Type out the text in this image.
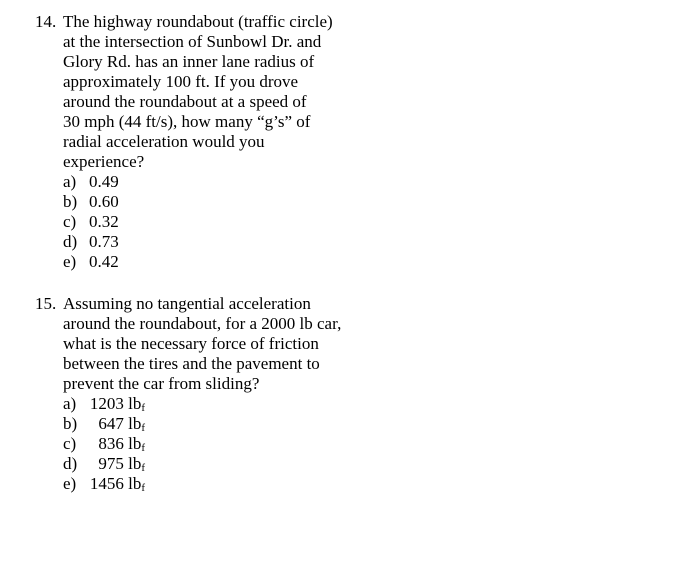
14. The highway roundabout (traffic circle)
at the intersection of Sunbowl Dr. and
Glory Rd. has an inner lane radius of
approximately 100 ft. If you drove
around the roundabout at a speed of
30 mph (44 ft/s), how many “g’s” of
radial acceleration would you
experience?
a) 0.49
b) 0.60
c) 0.32
d) 0.73
e) 0.42
15. Assuming no tangential acceleration
around the roundabout, for a 2000 lb car,
what is the necessary force of friction
between the tires and the pavement to
prevent the car from sliding?
a) 1203 lbf
b) 647 lbf
c) 836 lbf
d) 975 lbf
e) 1456 lbf
